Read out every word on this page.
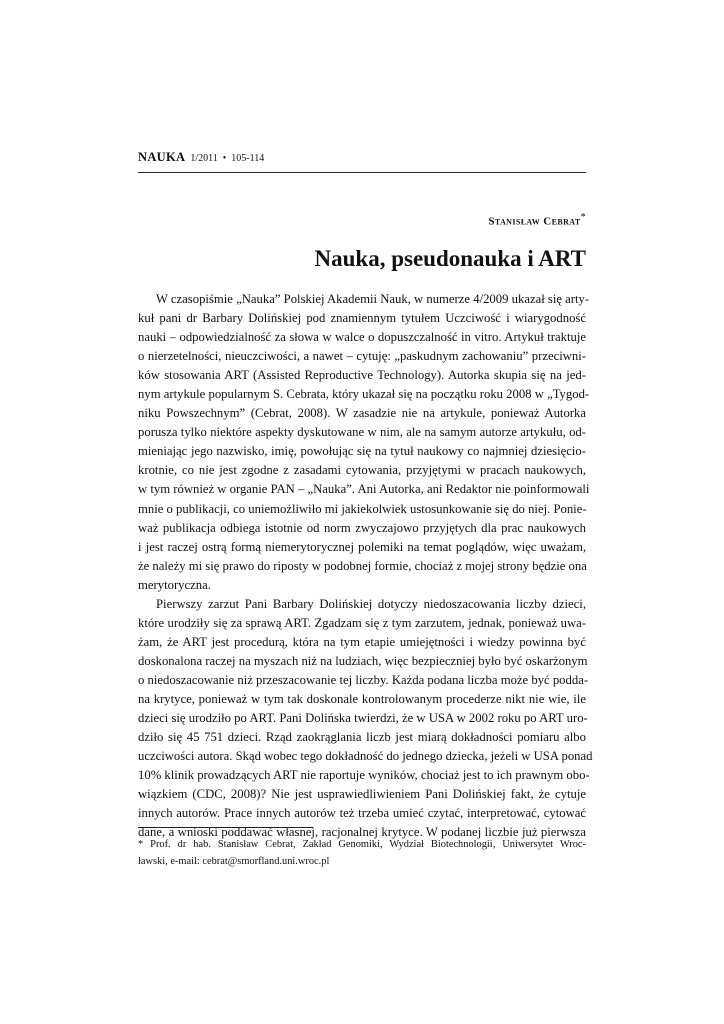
NAUKA 1/2011 • 105-114
Stanisław Cebrat*
Nauka, pseudonauka i ART
W czasopiśmie „Nauka” Polskiej Akademii Nauk, w numerze 4/2009 ukazał się arty-
kuł pani dr Barbary Dolińskiej pod znamiennym tytułem Uczciwość i wiarygodność
nauki – odpowiedzialność za słowa w walce o dopuszczalność in vitro. Artykuł traktuje
o nierzetelności, nieuczciwości, a nawet – cytuję: „paskudnym zachowaniu” przeciwni-
ków stosowania ART (Assisted Reproductive Technology). Autorka skupia się na jed-
nym artykule popularnym S. Cebrata, który ukazał się na początku roku 2008 w „Tygod-
niku Powszechnym” (Cebrat, 2008). W zasadzie nie na artykule, ponieważ Autorka
porusza tylko niektóre aspekty dyskutowane w nim, ale na samym autorze artykułu, od-
mieniając jego nazwisko, imię, powołując się na tytuł naukowy co najmniej dziesięcio-
krotnie, co nie jest zgodne z zasadami cytowania, przyjętymi w pracach naukowych,
w tym również w organie PAN – „Nauka”. Ani Autorka, ani Redaktor nie poinformowali
mnie o publikacji, co uniemożliwiło mi jakiekolwiek ustosunkowanie się do niej. Ponie-
waż publikacja odbiega istotnie od norm zwyczajowo przyjętych dla prac naukowych
i jest raczej ostrą formą niemerytorycznej polemiki na temat poglądów, więc uważam,
że należy mi się prawo do riposty w podobnej formie, chociaż z mojej strony będzie ona
merytoryczna.
Pierwszy zarzut Pani Barbary Dolińskiej dotyczy niedoszacowania liczby dzieci,
które urodziły się za sprawą ART. Zgadzam się z tym zarzutem, jednak, ponieważ uwa-
żam, że ART jest procedurą, która na tym etapie umiejętności i wiedzy powinna być
doskonalona raczej na myszach niż na ludziach, więc bezpieczniej było być oskarżonym
o niedoszacowanie niż przeszacowanie tej liczby. Każda podana liczba może być podda-
na krytyce, ponieważ w tym tak doskonale kontrolowanym procederze nikt nie wie, ile
dzieci się urodziło po ART. Pani Dolińska twierdzi, że w USA w 2002 roku po ART uro-
dziło się 45 751 dzieci. Rząd zaokrąglania liczb jest miarą dokładności pomiaru albo
uczciwości autora. Skąd wobec tego dokładność do jednego dziecka, jeżeli w USA ponad
10% klinik prowadzących ART nie raportuje wyników, chociaż jest to ich prawnym obo-
wiązkiem (CDC, 2008)? Nie jest usprawiedliwieniem Pani Dolińskiej fakt, że cytuje
innych autorów. Prace innych autorów też trzeba umieć czytać, interpretować, cytować
dane, a wnioski poddawać własnej, racjonalnej krytyce. W podanej liczbie już pierwsza
* Prof. dr hab. Stanisław Cebrat, Zakład Genomiki, Wydział Biotechnologii, Uniwersytet Wroc-
ławski, e-mail: cebrat@smorfland.uni.wroc.pl
